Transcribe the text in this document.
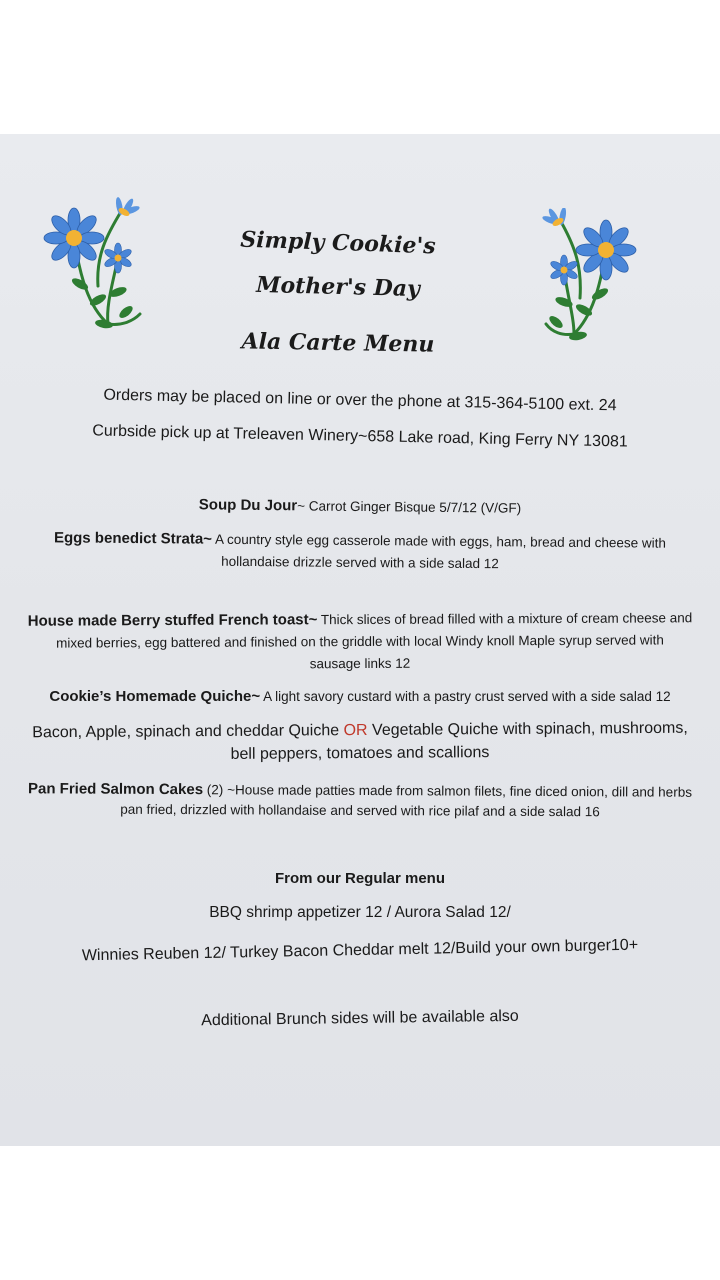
Simply Cookie's
Mother's Day
Ala Carte Menu
Orders may be placed on line or over the phone at 315-364-5100 ext. 24
Curbside pick up at Treleaven Winery~658 Lake road, King Ferry NY 13081
Soup Du Jour~ Carrot Ginger Bisque 5/7/12 (V/GF)
Eggs benedict Strata~ A country style egg casserole made with eggs, ham, bread and cheese with
hollandaise drizzle served with a side salad 12
House made Berry stuffed French toast~ Thick slices of bread filled with a mixture of cream cheese and
mixed berries, egg battered and finished on the griddle with local Windy knoll Maple syrup served with
sausage links 12
Cookie’s Homemade Quiche~ A light savory custard with a pastry crust served with a side salad 12
Bacon, Apple, spinach and cheddar Quiche OR Vegetable Quiche with spinach, mushrooms,
bell peppers, tomatoes and scallions
Pan Fried Salmon Cakes (2) ~House made patties made from salmon filets, fine diced onion, dill and herbs
pan fried, drizzled with hollandaise and served with rice pilaf and a side salad 16
From our Regular menu
BBQ shrimp appetizer 12 / Aurora Salad 12/
Winnies Reuben 12/ Turkey Bacon Cheddar melt 12/Build your own burger10+
Additional Brunch sides will be available also
